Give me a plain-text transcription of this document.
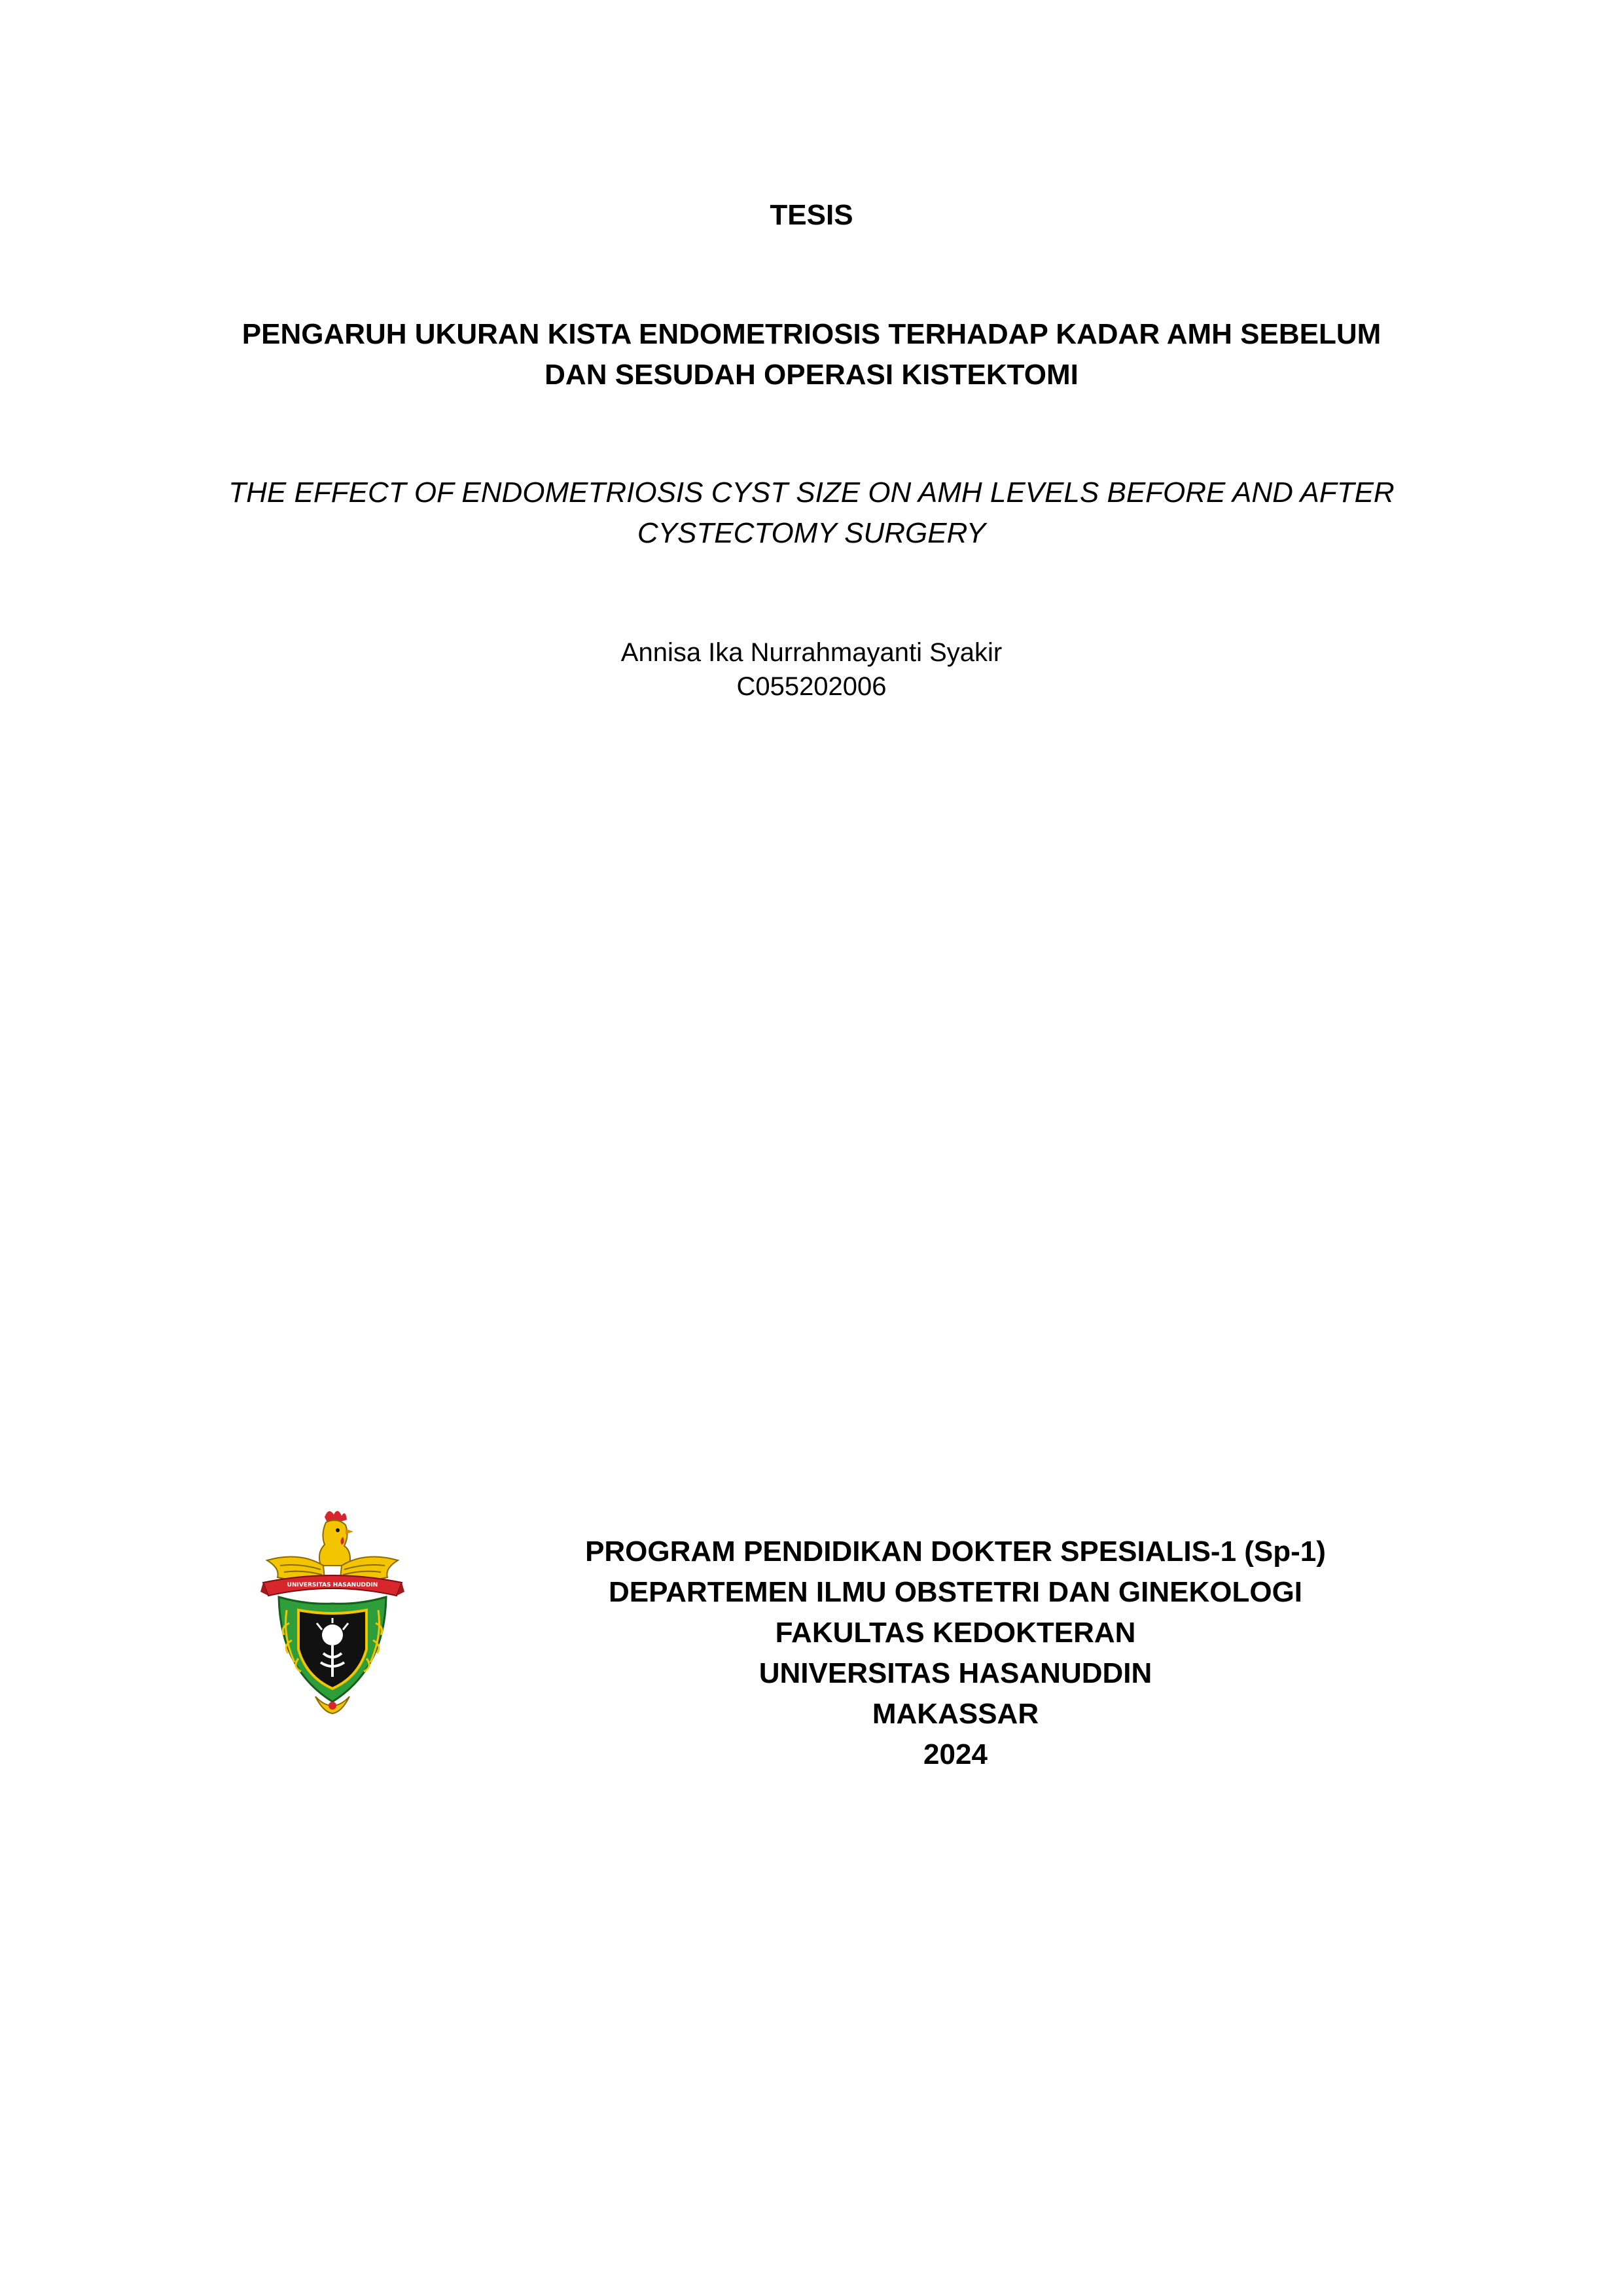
TESIS
PENGARUH UKURAN KISTA ENDOMETRIOSIS TERHADAP KADAR AMH SEBELUM
DAN SESUDAH OPERASI KISTEKTOMI
THE EFFECT OF ENDOMETRIOSIS CYST SIZE ON AMH LEVELS BEFORE AND AFTER
CYSTECTOMY SURGERY
Annisa Ika Nurrahmayanti Syakir
C055202006
UNIVERSITAS HASANUDDIN
PROGRAM PENDIDIKAN DOKTER SPESIALIS-1 (Sp-1)
DEPARTEMEN ILMU OBSTETRI DAN GINEKOLOGI
FAKULTAS KEDOKTERAN
UNIVERSITAS HASANUDDIN
MAKASSAR
2024
